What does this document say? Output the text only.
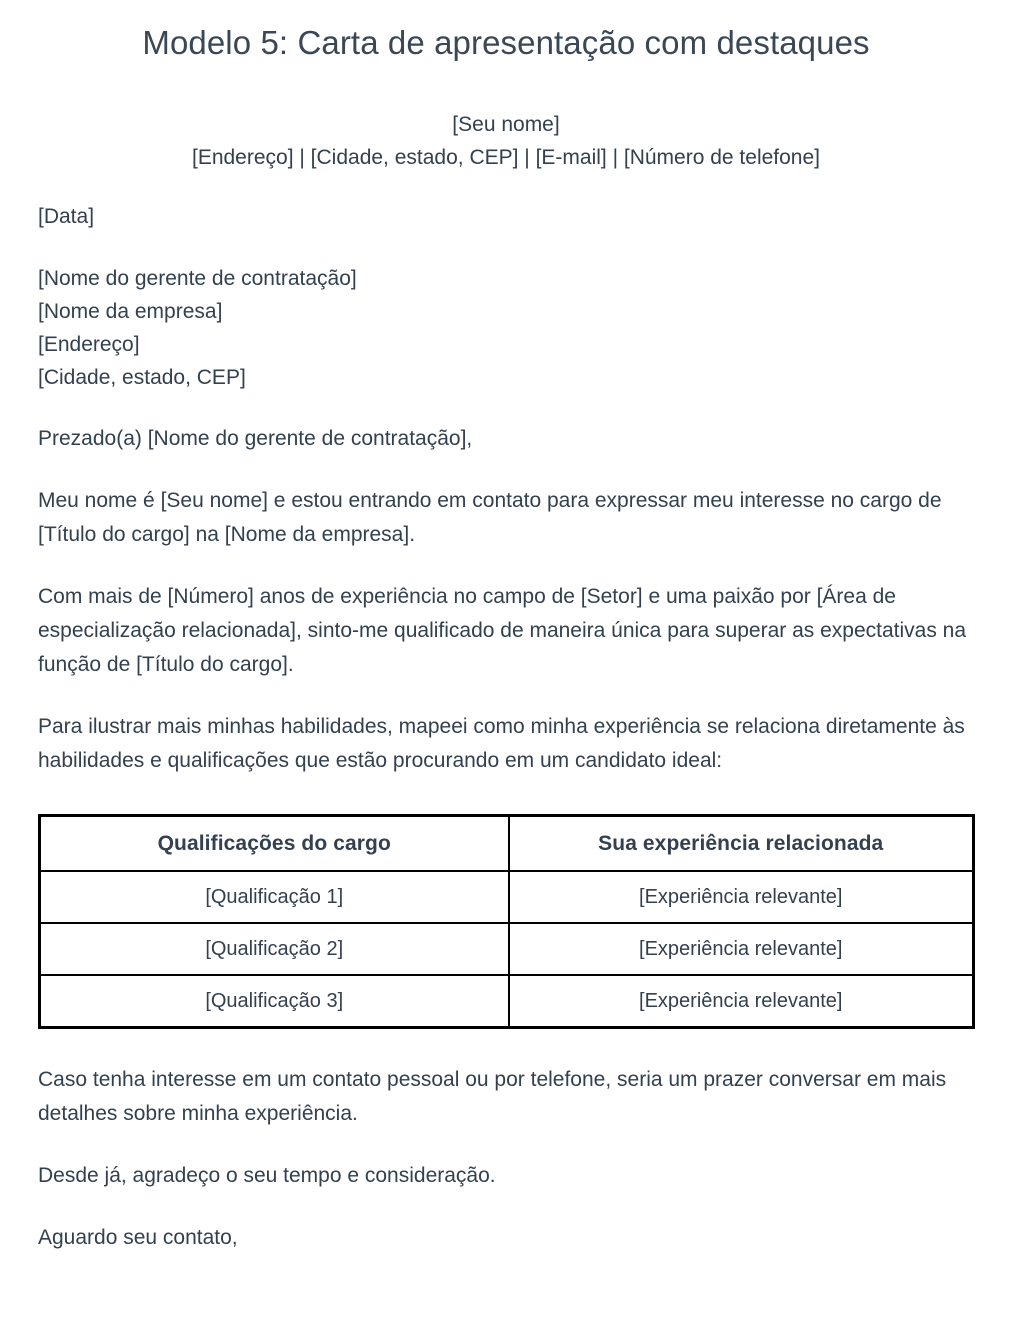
Modelo 5: Carta de apresentação com destaques
[Seu nome]
[Endereço] | [Cidade, estado, CEP] | [E-mail] | [Número de telefone]

[Data]

[Nome do gerente de contratação]
[Nome da empresa]
[Endereço]
[Cidade, estado, CEP]

Prezado(a) [Nome do gerente de contratação],

Meu nome é [Seu nome] e estou entrando em contato para expressar meu interesse no cargo de [Título do cargo] na [Nome da empresa].

Com mais de [Número] anos de experiência no campo de [Setor] e uma paixão por [Área de especialização relacionada], sinto-me qualificado de maneira única para superar as expectativas na função de [Título do cargo].

Para ilustrar mais minhas habilidades, mapeei como minha experiência se relaciona diretamente às habilidades e qualificações que estão procurando em um candidato ideal:

Qualificações do cargo	Sua experiência relacionada
[Qualificação 1]	[Experiência relevante]
[Qualificação 2]	[Experiência relevante]
[Qualificação 3]	[Experiência relevante]

Caso tenha interesse em um contato pessoal ou por telefone, seria um prazer conversar em mais detalhes sobre minha experiência.

Desde já, agradeço o seu tempo e consideração.

Aguardo seu contato,
